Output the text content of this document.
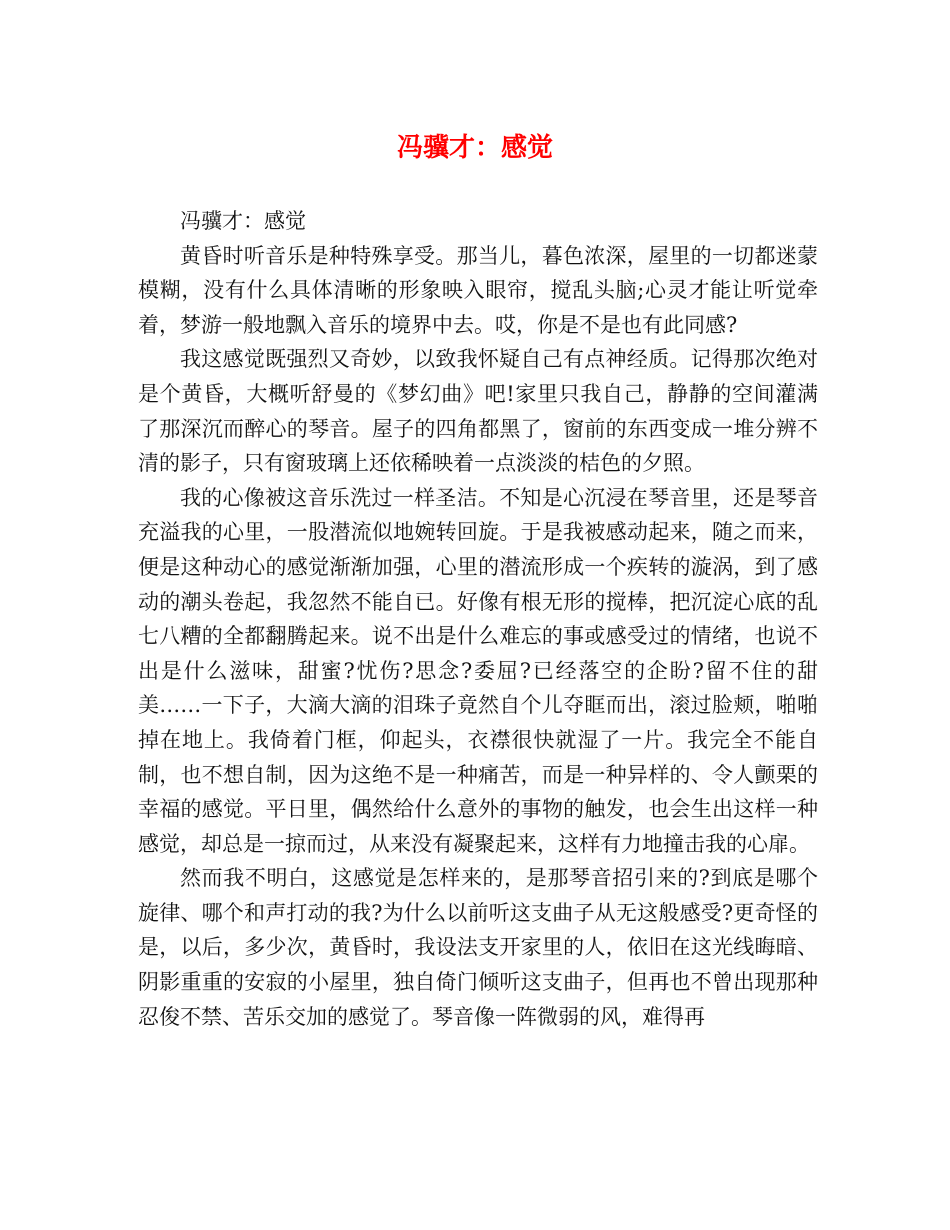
冯骥才：感觉

冯骥才：感觉

黄昏时听音乐是种特殊享受。那当儿，暮色浓深，屋里的一切都迷蒙模糊，没有什么具体清晰的形象映入眼帘，搅乱头脑;心灵才能让听觉牵着，梦游一般地飘入音乐的境界中去。哎，你是不是也有此同感?

我这感觉既强烈又奇妙，以致我怀疑自己有点神经质。记得那次绝对是个黄昏，大概听舒曼的《梦幻曲》吧!家里只我自己，静静的空间灌满了那深沉而醉心的琴音。屋子的四角都黑了，窗前的东西变成一堆分辨不清的影子，只有窗玻璃上还依稀映着一点淡淡的桔色的夕照。

我的心像被这音乐洗过一样圣洁。不知是心沉浸在琴音里，还是琴音充溢我的心里，一股潜流似地婉转回旋。于是我被感动起来，随之而来，便是这种动心的感觉渐渐加强，心里的潜流形成一个疾转的漩涡，到了感动的潮头卷起，我忽然不能自已。好像有根无形的搅棒，把沉淀心底的乱七八糟的全都翻腾起来。说不出是什么难忘的事或感受过的情绪，也说不出是什么滋味，甜蜜?忧伤?思念?委屈?已经落空的企盼?留不住的甜美……一下子，大滴大滴的泪珠子竟然自个儿夺眶而出，滚过脸颊，啪啪掉在地上。我倚着门框，仰起头，衣襟很快就湿了一片。我完全不能自制，也不想自制，因为这绝不是一种痛苦，而是一种异样的、令人颤栗的幸福的感觉。平日里，偶然给什么意外的事物的触发，也会生出这样一种感觉，却总是一掠而过，从来没有凝聚起来，这样有力地撞击我的心扉。

然而我不明白，这感觉是怎样来的，是那琴音招引来的?到底是哪个旋律、哪个和声打动的我?为什么以前听这支曲子从无这般感受?更奇怪的是，以后，多少次，黄昏时，我设法支开家里的人，依旧在这光线晦暗、阴影重重的安寂的小屋里，独自倚门倾听这支曲子，但再也不曾出现那种忍俊不禁、苦乐交加的感觉了。琴音像一阵微弱的风，难得再
